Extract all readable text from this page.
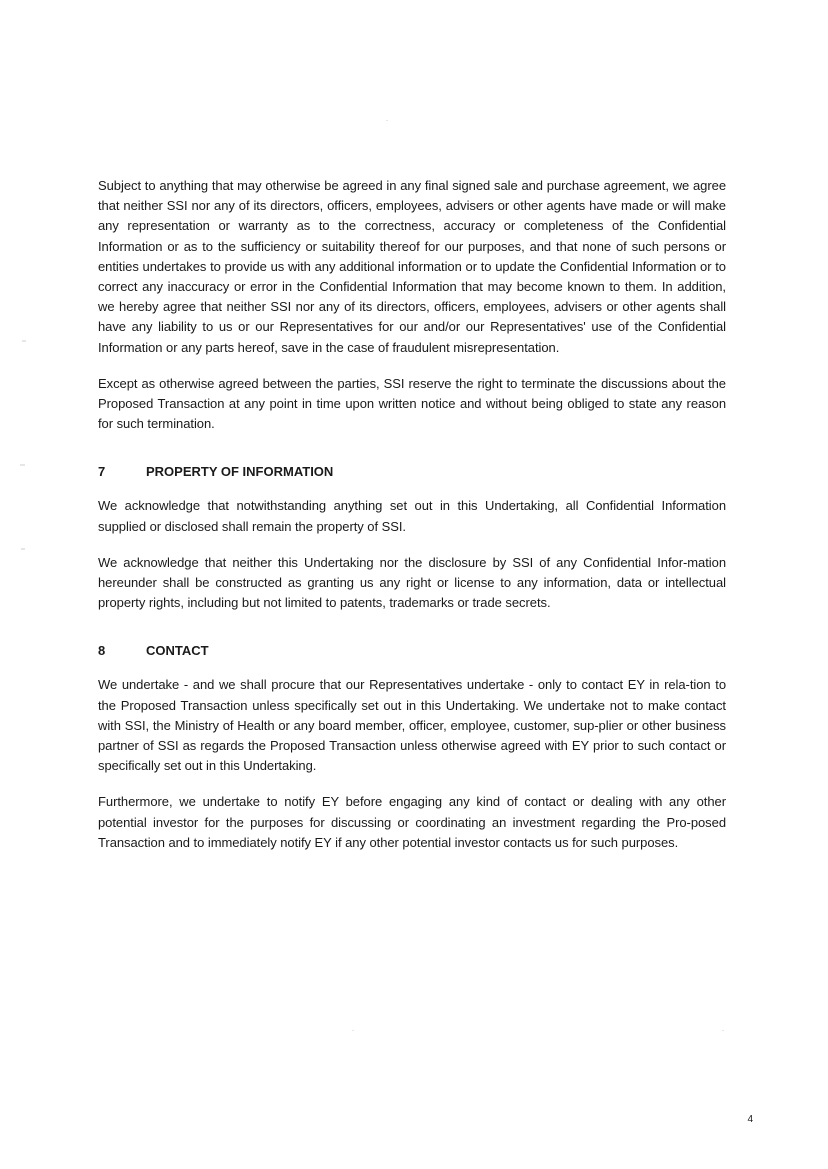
Subject to anything that may otherwise be agreed in any final signed sale and purchase agreement, we agree that neither SSI nor any of its directors, officers, employees, advisers or other agents have made or will make any representation or warranty as to the correctness, accuracy or completeness of the Confidential Information or as to the sufficiency or suitability thereof for our purposes, and that none of such persons or entities undertakes to provide us with any additional information or to update the Confidential Information or to correct any inaccuracy or error in the Confidential Information that may become known to them. In addition, we hereby agree that neither SSI nor any of its directors, officers, employees, advisers or other agents shall have any liability to us or our Representatives for our and/or our Representatives' use of the Confidential Information or any parts hereof, save in the case of fraudulent misrepresentation.

Except as otherwise agreed between the parties, SSI reserve the right to terminate the discussions about the Proposed Transaction at any point in time upon written notice and without being obliged to state any reason for such termination.

7	PROPERTY OF INFORMATION

We acknowledge that notwithstanding anything set out in this Undertaking, all Confidential Information supplied or disclosed shall remain the property of SSI.

We acknowledge that neither this Undertaking nor the disclosure by SSI of any Confidential Infor-mation hereunder shall be constructed as granting us any right or license to any information, data or intellectual property rights, including but not limited to patents, trademarks or trade secrets.

8	CONTACT

We undertake - and we shall procure that our Representatives undertake - only to contact EY in rela-tion to the Proposed Transaction unless specifically set out in this Undertaking. We undertake not to make contact with SSI, the Ministry of Health or any board member, officer, employee, customer, sup-plier or other business partner of SSI as regards the Proposed Transaction unless otherwise agreed with EY prior to such contact or specifically set out in this Undertaking.

Furthermore, we undertake to notify EY before engaging any kind of contact or dealing with any other potential investor for the purposes for discussing or coordinating an investment regarding the Pro-posed Transaction and to immediately notify EY if any other potential investor contacts us for such purposes.

4
